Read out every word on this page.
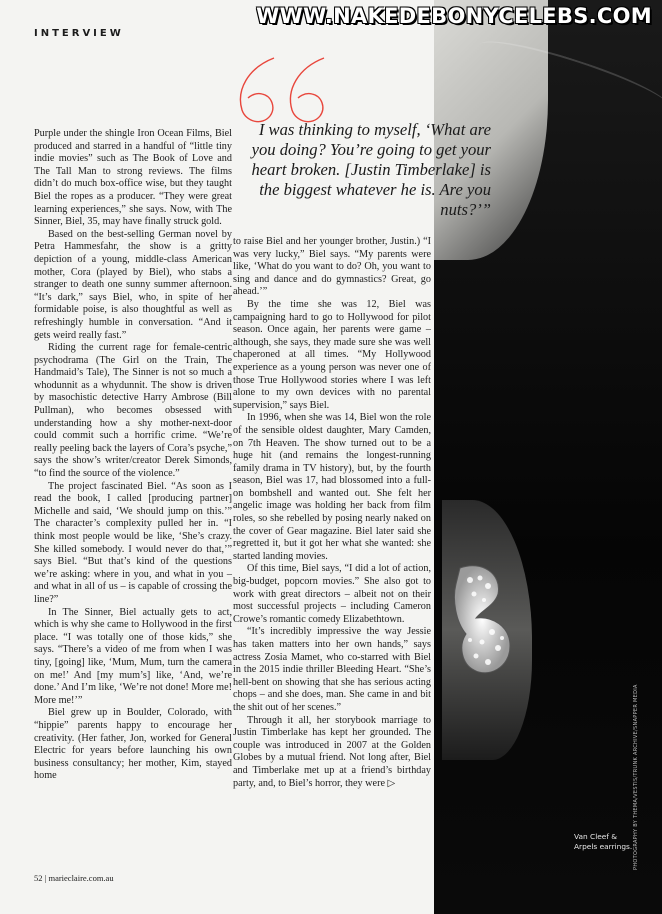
WWW.NAKEDEBONYCELEBS.COM

INTERVIEW

I was thinking to myself, ‘What are you doing? You’re going to get your heart broken. [Justin Timberlake] is the biggest whatever he is. Are you nuts?’”

Purple under the shingle Iron Ocean Films, Biel produced and starred in a handful of “little tiny indie movies” such as The Book of Love and The Tall Man to strong reviews. The films didn’t do much box-office wise, but they taught Biel the ropes as a producer. “They were great learning experiences,” she says. Now, with The Sinner, Biel, 35, may have finally struck gold.

Based on the best-selling German novel by Petra Hammesfahr, the show is a gritty depiction of a young, middle-class American mother, Cora (played by Biel), who stabs a stranger to death one sunny summer afternoon. “It’s dark,” says Biel, who, in spite of her formidable poise, is also thoughtful as well as refreshingly humble in conversation. “And it gets weird really fast.”

Riding the current rage for female-centric psychodrama (The Girl on the Train, The Handmaid’s Tale), The Sinner is not so much a whodunnit as a whydunnit. The show is driven by masochistic detective Harry Ambrose (Bill Pullman), who becomes obsessed with understanding how a shy mother-next-door could commit such a horrific crime. “We’re really peeling back the layers of Cora’s psyche,” says the show’s writer/creator Derek Simonds, “to find the source of the violence.”

The project fascinated Biel. “As soon as I read the book, I called [producing partner] Michelle and said, ‘We should jump on this.’” The character’s complexity pulled her in. “I think most people would be like, ‘She’s crazy. She killed somebody. I would never do that,’” says Biel. “But that’s kind of the questions we’re asking: where in you, and what in you – and what in all of us – is capable of crossing the line?”

In The Sinner, Biel actually gets to act, which is why she came to Hollywood in the first place. “I was totally one of those kids,” she says. “There’s a video of me from when I was tiny, [going] like, ‘Mum, Mum, turn the camera on me!’ And [my mum’s] like, ‘And, we’re done.’ And I’m like, ‘We’re not done! More me! More me!’”

Biel grew up in Boulder, Colorado, with “hippie” parents happy to encourage her creativity. (Her father, Jon, worked for General Electric for years before launching his own business consultancy; her mother, Kim, stayed home

to raise Biel and her younger brother, Justin.) “I was very lucky,” Biel says. “My parents were like, ‘What do you want to do? Oh, you want to sing and dance and do gymnastics? Great, go ahead.’”

By the time she was 12, Biel was campaigning hard to go to Hollywood for pilot season. Once again, her parents were game – although, she says, they made sure she was well chaperoned at all times. “My Hollywood experience as a young person was never one of those True Hollywood stories where I was left alone to my own devices with no parental supervision,” says Biel.

In 1996, when she was 14, Biel won the role of the sensible oldest daughter, Mary Camden, on 7th Heaven. The show turned out to be a huge hit (and remains the longest-running family drama in TV history), but, by the fourth season, Biel was 17, had blossomed into a full-on bombshell and wanted out. She felt her angelic image was holding her back from film roles, so she rebelled by posing nearly naked on the cover of Gear magazine. Biel later said she regretted it, but it got her what she wanted: she started landing movies.

Of this time, Biel says, “I did a lot of action, big-budget, popcorn movies.” She also got to work with great directors – albeit not on their most successful projects – including Cameron Crowe’s romantic comedy Elizabethtown.

“It’s incredibly impressive the way Jessie has taken matters into her own hands,” says actress Zosia Mamet, who co-starred with Biel in the 2015 indie thriller Bleeding Heart. “She’s hell-bent on showing that she has serious acting chops – and she does, man. She came in and bit the shit out of her scenes.”

Through it all, her storybook marriage to Justin Timberlake has kept her grounded. The couple was introduced in 2007 at the Golden Globes by a mutual friend. Not long after, Biel and Timberlake met up at a friend’s birthday party, and, to Biel’s horror, they were ▷

Van Cleef & Arpels earrings. PHOTOGRAPHY BY THEMA/VESTIS/TRUNK ARCHIVE/SNAPPER MEDIA

52 | marieclaire.com.au
